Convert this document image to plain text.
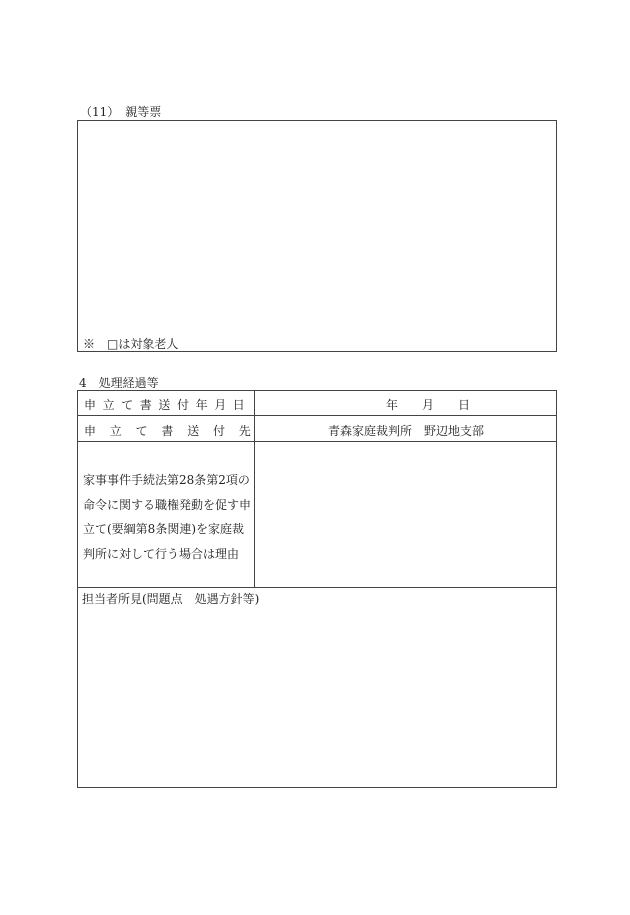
（11）　親等票
※　□は対象老人
4　処理経過等
申立て書送付年月日	年　　月　　日
申立て書送付先	青森家庭裁判所　野辺地支部
家事事件手続法第28条第2項の
命令に関する職権発動を促す申
立て(要綱第8条関連)を家庭裁
判所に対して行う場合は理由
担当者所見(問題点　処遇方針等)
